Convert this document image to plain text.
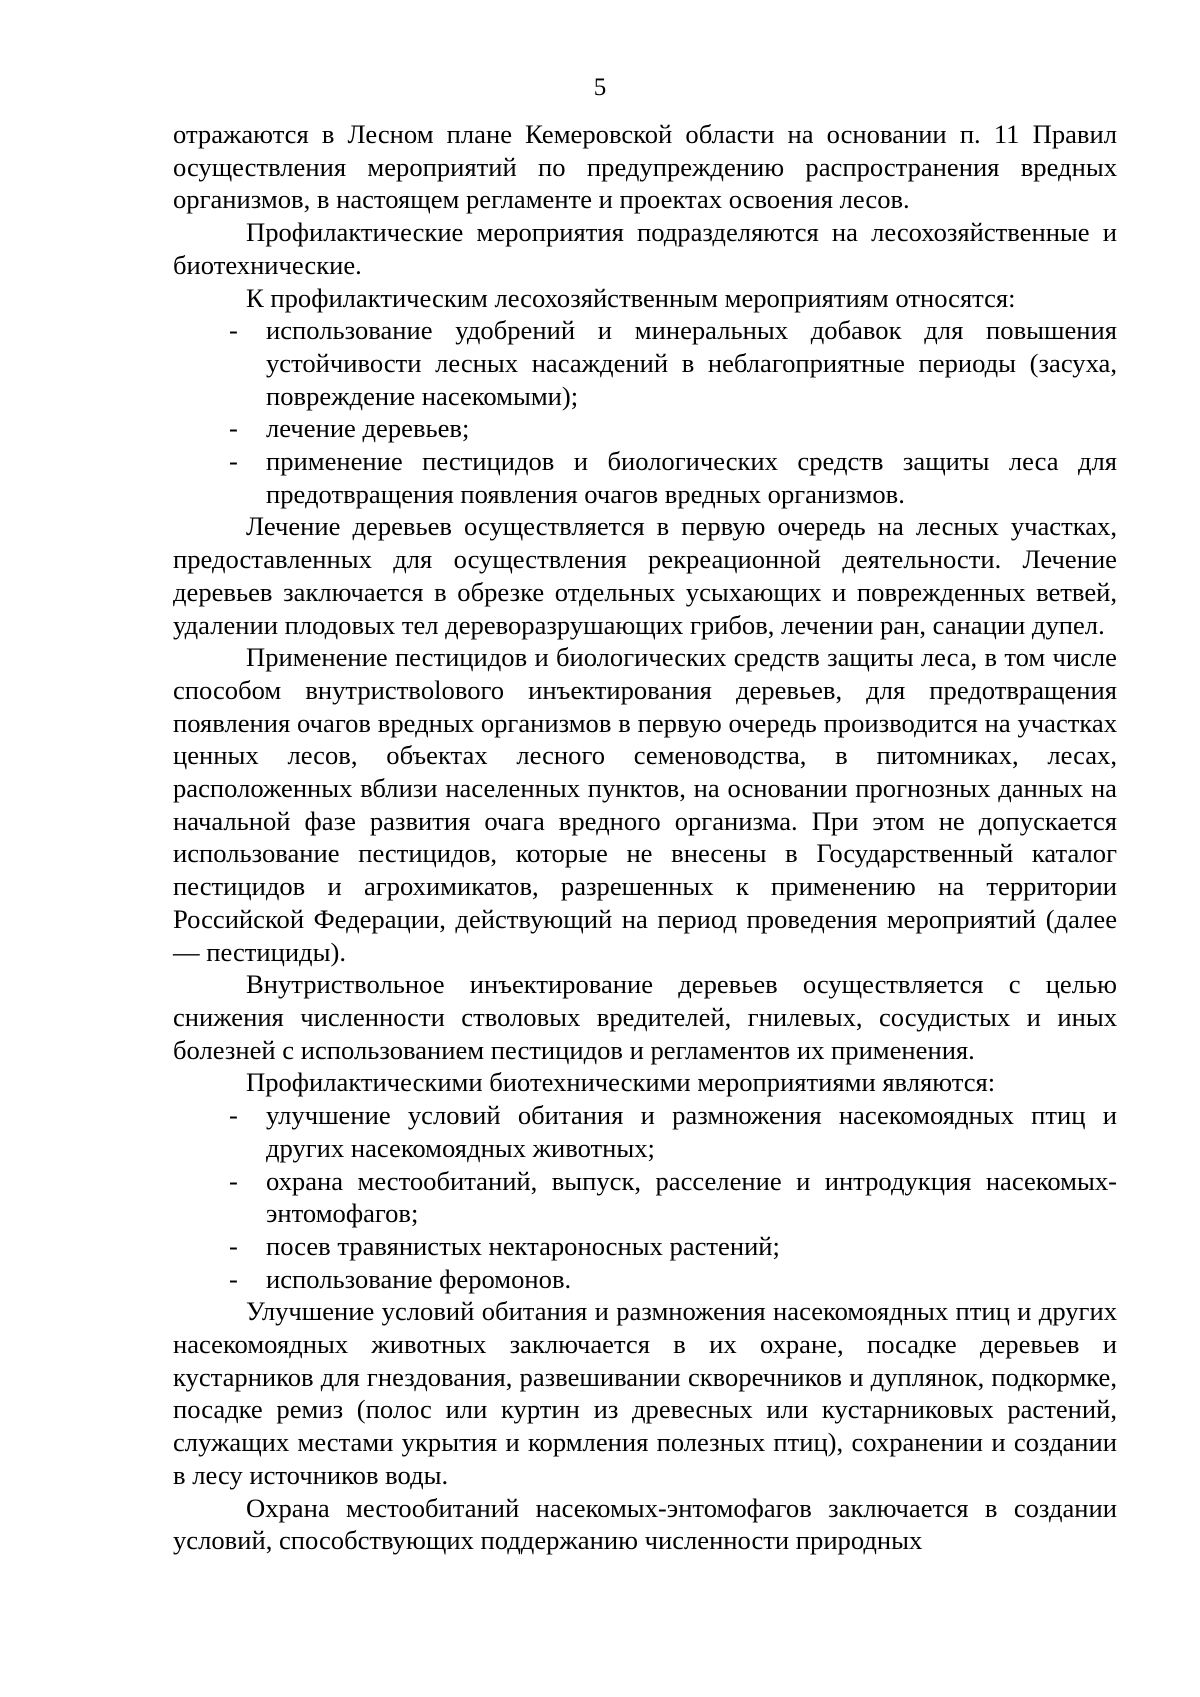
5

отражаются в Лесном плане Кемеровской области на основании п. 11 Правил осуществления мероприятий по предупреждению распространения вредных организмов, в настоящем регламенте и проектах освоения лесов.

Профилактические мероприятия подразделяются на лесохозяйственные и биотехнические.

К профилактическим лесохозяйственным мероприятиям относятся:

- использование удобрений и минеральных добавок для повышения устойчивости лесных насаждений в неблагоприятные периоды (засуха, повреждение насекомыми);
- лечение деревьев;
- применение пестицидов и биологических средств защиты леса для предотвращения появления очагов вредных организмов.

Лечение деревьев осуществляется в первую очередь на лесных участках, предоставленных для осуществления рекреационной деятельности. Лечение деревьев заключается в обрезке отдельных усыхающих и поврежденных ветвей, удалении плодовых тел дереворазрушающих грибов, лечении ран, санации дупел.

Применение пестицидов и биологических средств защиты леса, в том числе способом внутриствolового инъектирования деревьев, для предотвращения появления очагов вредных организмов в первую очередь производится на участках ценных лесов, объектах лесного семеноводства, в питомниках, лесах, расположенных вблизи населенных пунктов, на основании прогнозных данных на начальной фазе развития очага вредного организма. При этом не допускается использование пестицидов, которые не внесены в Государственный каталог пестицидов и агрохимикатов, разрешенных к применению на территории Российской Федерации, действующий на период проведения мероприятий (далее — пестициды).

Внутриствольное инъектирование деревьев осуществляется с целью снижения численности стволовых вредителей, гнилевых, сосудистых и иных болезней с использованием пестицидов и регламентов их применения.

Профилактическими биотехническими мероприятиями являются:

- улучшение условий обитания и размножения насекомоядных птиц и других насекомоядных животных;
- охрана местообитаний, выпуск, расселение и интродукция насекомых-энтомофагов;
- посев травянистых нектароносных растений;
- использование феромонов.

Улучшение условий обитания и размножения насекомоядных птиц и других насекомоядных животных заключается в их охране, посадке деревьев и кустарников для гнездования, развешивании скворечников и дуплянок, подкормке, посадке ремиз (полос или куртин из древесных или кустарниковых растений, служащих местами укрытия и кормления полезных птиц), сохранении и создании в лесу источников воды.

Охрана местообитаний насекомых-энтомофагов заключается в создании условий, способствующих поддержанию численности природных
